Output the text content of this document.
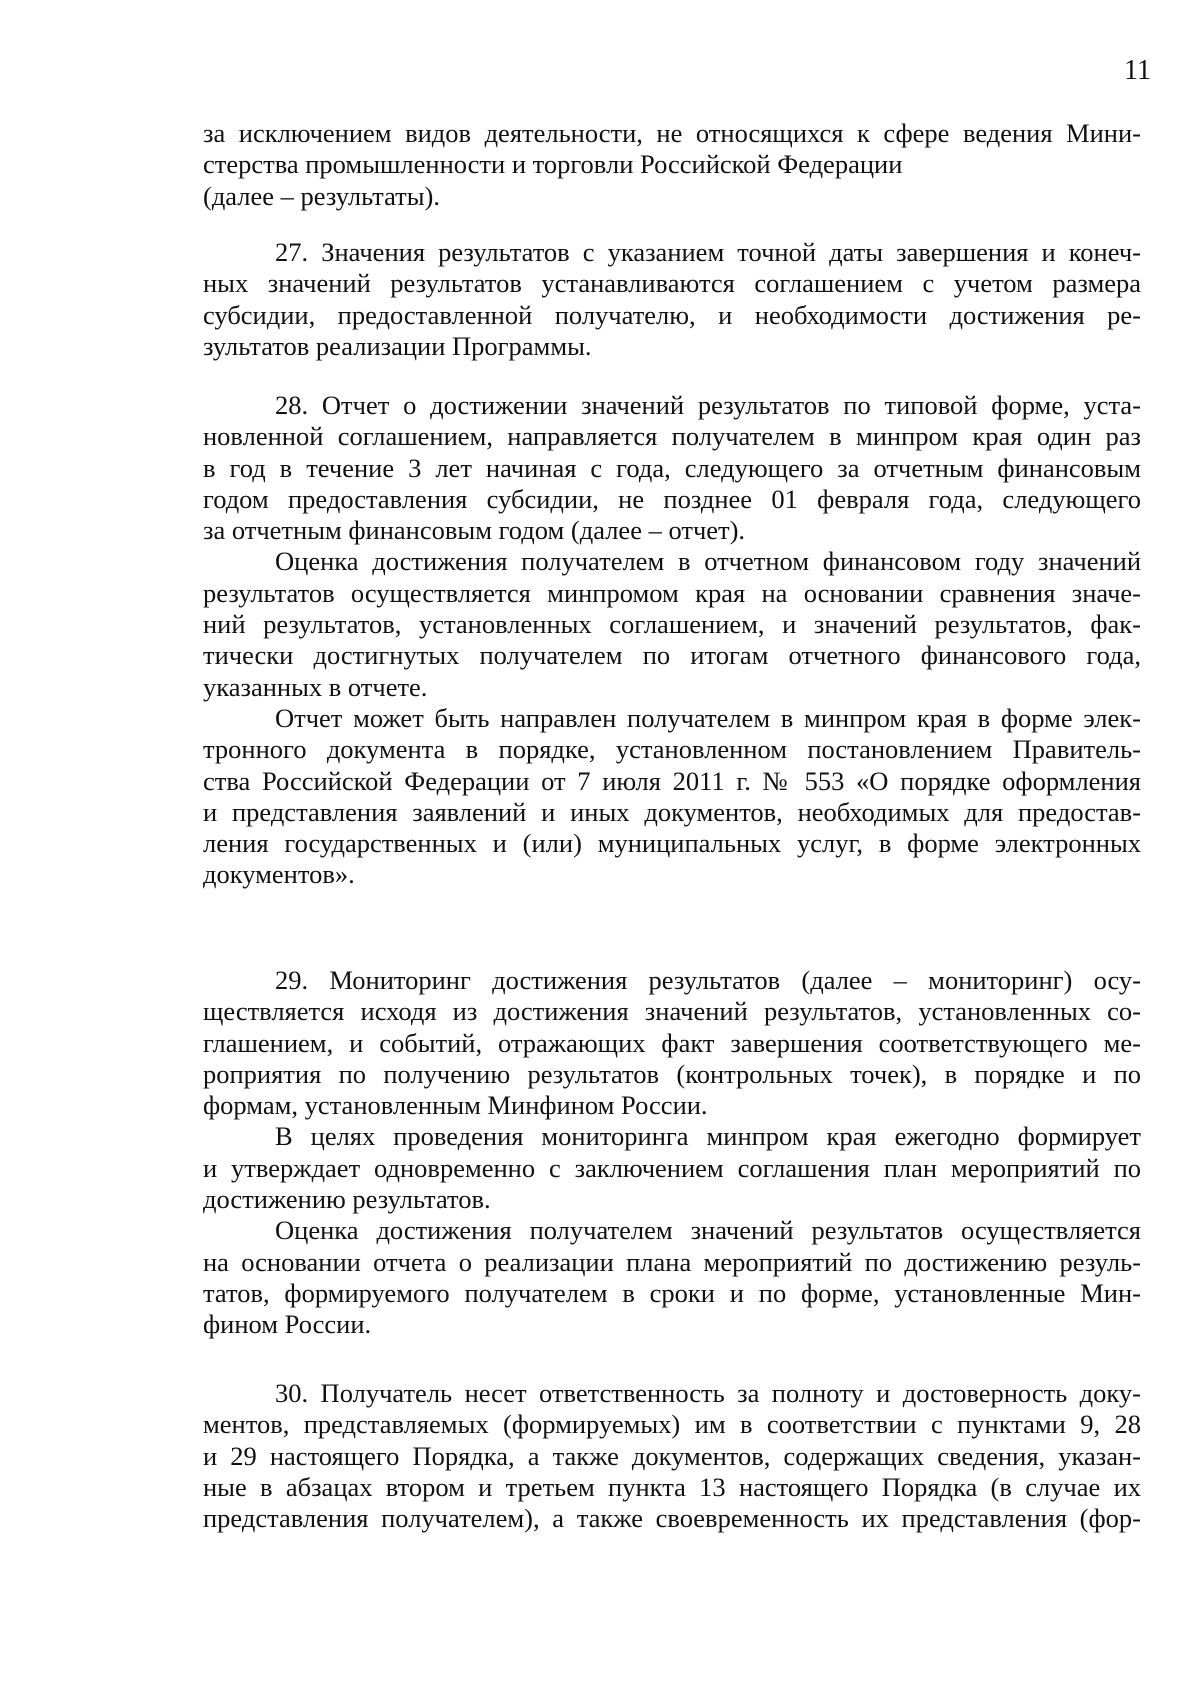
11
за исключением видов деятельности, не относящихся к сфере ведения Мини-
стерства промышленности и торговли Российской Федерации
(далее – результаты).
27. Значения результатов с указанием точной даты завершения и конеч-
ных значений результатов устанавливаются соглашением с учетом размера
субсидии, предоставленной получателю, и необходимости достижения ре-
зультатов реализации Программы.
28. Отчет о достижении значений результатов по типовой форме, уста-
новленной соглашением, направляется получателем в минпром края один раз
в год в течение 3 лет начиная с года, следующего за отчетным финансовым
годом предоставления субсидии, не позднее 01 февраля года, следующего
за отчетным финансовым годом (далее – отчет).
Оценка достижения получателем в отчетном финансовом году значений
результатов осуществляется минпромом края на основании сравнения значе-
ний результатов, установленных соглашением, и значений результатов, фак-
тически достигнутых получателем по итогам отчетного финансового года,
указанных в отчете.
Отчет может быть направлен получателем в минпром края в форме элек-
тронного документа в порядке, установленном постановлением Правитель-
ства Российской Федерации от 7 июля 2011 г. № 553 «О порядке оформления
и представления заявлений и иных документов, необходимых для предостав-
ления государственных и (или) муниципальных услуг, в форме электронных
документов».
29. Мониторинг достижения результатов (далее – мониторинг) осу-
ществляется исходя из достижения значений результатов, установленных со-
глашением, и событий, отражающих факт завершения соответствующего ме-
роприятия по получению результатов (контрольных точек), в порядке и по
формам, установленным Минфином России.
В целях проведения мониторинга минпром края ежегодно формирует
и утверждает одновременно с заключением соглашения план мероприятий по
достижению результатов.
Оценка достижения получателем значений результатов осуществляется
на основании отчета о реализации плана мероприятий по достижению резуль-
татов, формируемого получателем в сроки и по форме, установленные Мин-
фином России.
30. Получатель несет ответственность за полноту и достоверность доку-
ментов, представляемых (формируемых) им в соответствии с пунктами 9, 28
и 29 настоящего Порядка, а также документов, содержащих сведения, указан-
ные в абзацах втором и третьем пункта 13 настоящего Порядка (в случае их
представления получателем), а также своевременность их представления (фор-
